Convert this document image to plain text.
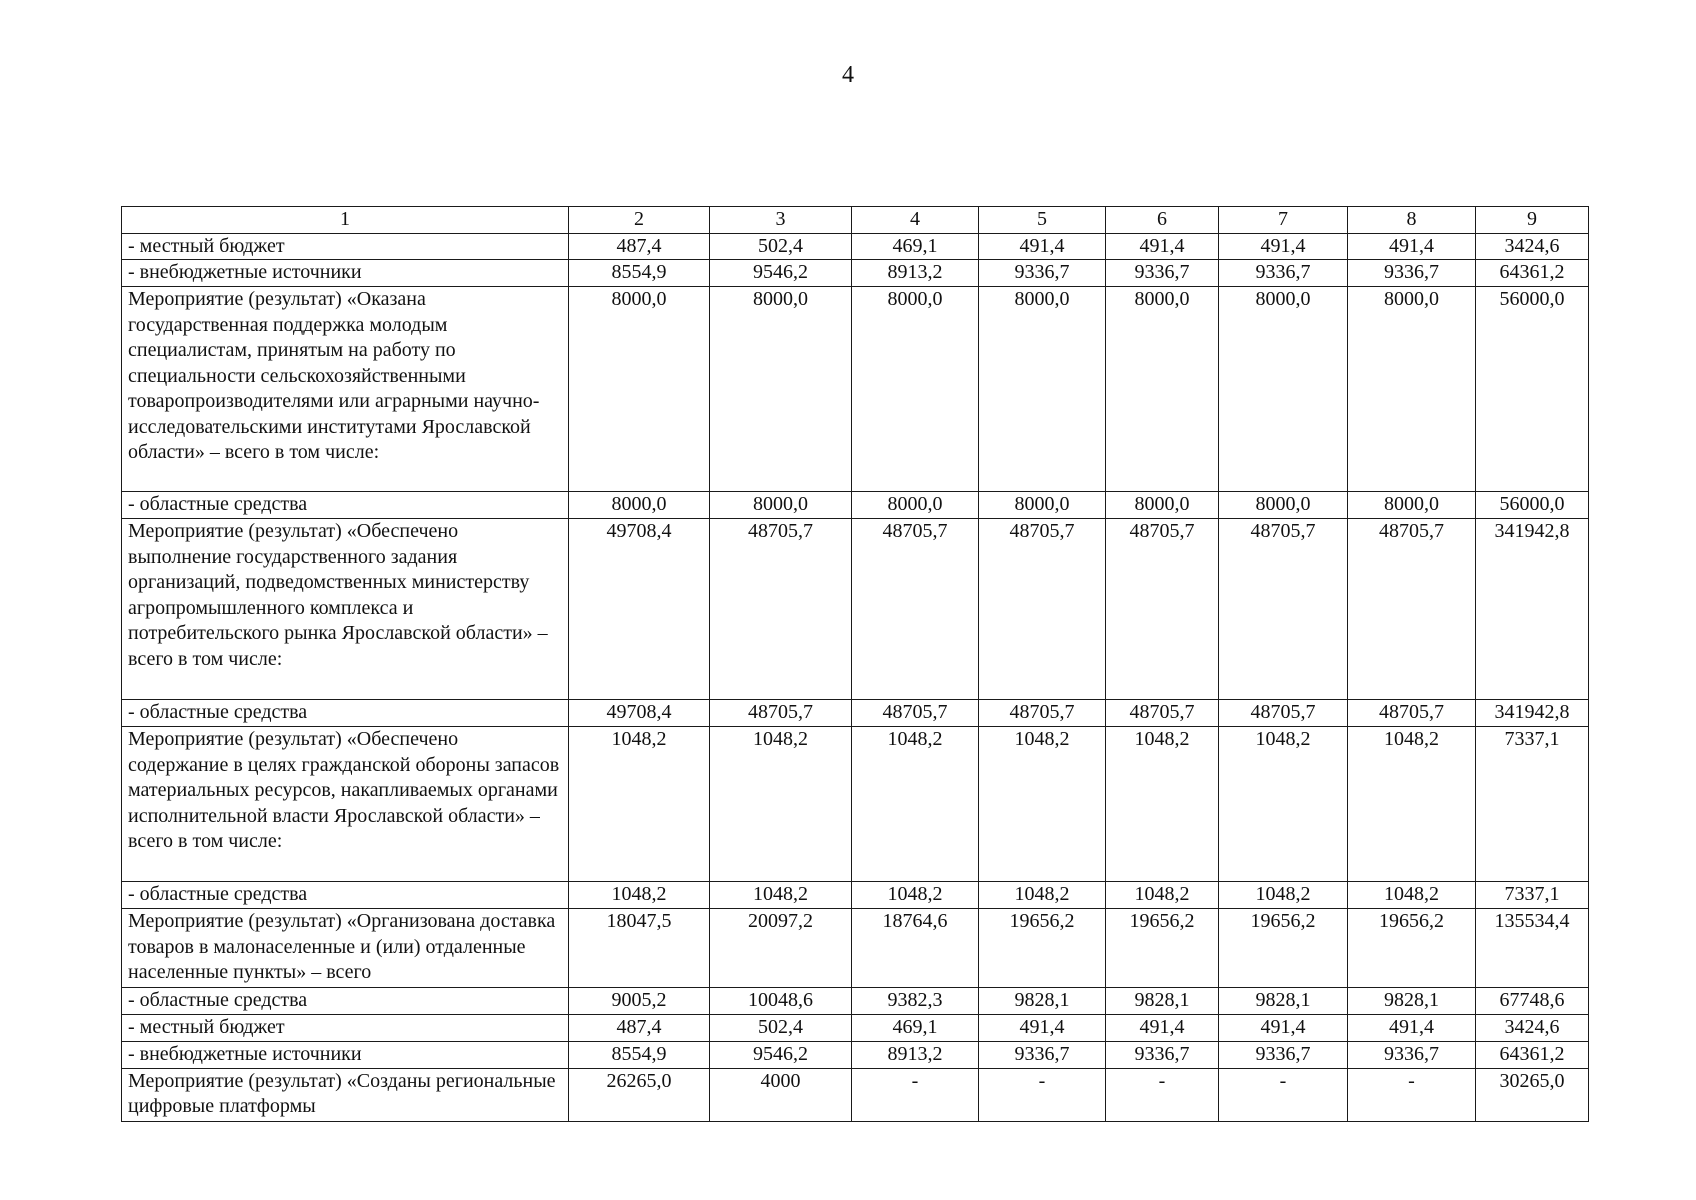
4
1	2	3	4	5	6	7	8	9
- местный бюджет	487,4	502,4	469,1	491,4	491,4	491,4	491,4	3424,6
- внебюджетные источники	8554,9	9546,2	8913,2	9336,7	9336,7	9336,7	9336,7	64361,2
Мероприятие (результат) «Оказана государственная поддержка молодым специалистам, принятым на работу по специальности сельскохозяйственными товаропроизводителями или аграрными научно-исследовательскими институтами Ярославской области» – всего в том числе:	8000,0	8000,0	8000,0	8000,0	8000,0	8000,0	8000,0	56000,0
- областные средства	8000,0	8000,0	8000,0	8000,0	8000,0	8000,0	8000,0	56000,0
Мероприятие (результат) «Обеспечено выполнение государственного задания организаций, подведомственных министерству агропромышленного комплекса и потребительского рынка Ярославской области» – всего в том числе:	49708,4	48705,7	48705,7	48705,7	48705,7	48705,7	48705,7	341942,8
- областные средства	49708,4	48705,7	48705,7	48705,7	48705,7	48705,7	48705,7	341942,8
Мероприятие (результат) «Обеспечено содержание в целях гражданской обороны запасов материальных ресурсов, накапливаемых органами исполнительной власти Ярославской области» – всего в том числе:	1048,2	1048,2	1048,2	1048,2	1048,2	1048,2	1048,2	7337,1
- областные средства	1048,2	1048,2	1048,2	1048,2	1048,2	1048,2	1048,2	7337,1
Мероприятие (результат) «Организована доставка товаров в малонаселенные и (или) отдаленные населенные пункты» – всего	18047,5	20097,2	18764,6	19656,2	19656,2	19656,2	19656,2	135534,4
- областные средства	9005,2	10048,6	9382,3	9828,1	9828,1	9828,1	9828,1	67748,6
- местный бюджет	487,4	502,4	469,1	491,4	491,4	491,4	491,4	3424,6
- внебюджетные источники	8554,9	9546,2	8913,2	9336,7	9336,7	9336,7	9336,7	64361,2
Мероприятие (результат) «Созданы региональные цифровые платформы	26265,0	4000	-	-	-	-	-	30265,0
